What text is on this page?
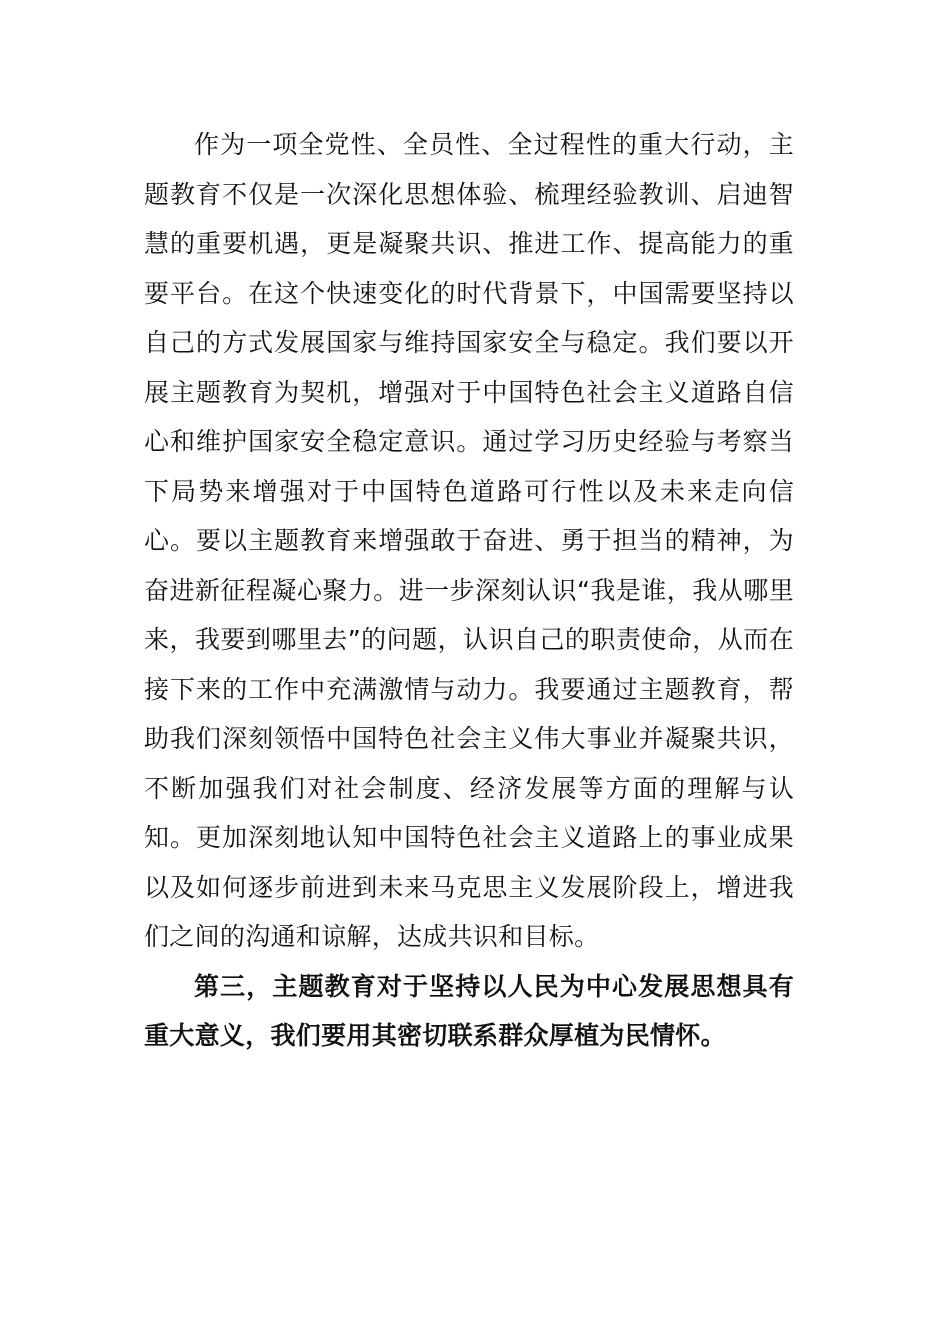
作为一项全党性、全员性、全过程性的重大行动，主题教育不仅是一次深化思想体验、梳理经验教训、启迪智慧的重要机遇，更是凝聚共识、推进工作、提高能力的重要平台。在这个快速变化的时代背景下，中国需要坚持以自己的方式发展国家与维持国家安全与稳定。我们要以开展主题教育为契机，增强对于中国特色社会主义道路自信心和维护国家安全稳定意识。通过学习历史经验与考察当下局势来增强对于中国特色道路可行性以及未来走向信心。要以主题教育来增强敢于奋进、勇于担当的精神，为奋进新征程凝心聚力。进一步深刻认识“我是谁，我从哪里来，我要到哪里去”的问题，认识自己的职责使命，从而在接下来的工作中充满激情与动力。我要通过主题教育，帮助我们深刻领悟中国特色社会主义伟大事业并凝聚共识，不断加强我们对社会制度、经济发展等方面的理解与认知。更加深刻地认知中国特色社会主义道路上的事业成果以及如何逐步前进到未来马克思主义发展阶段上，增进我们之间的沟通和谅解，达成共识和目标。

第三，主题教育对于坚持以人民为中心发展思想具有重大意义，我们要用其密切联系群众厚植为民情怀。
